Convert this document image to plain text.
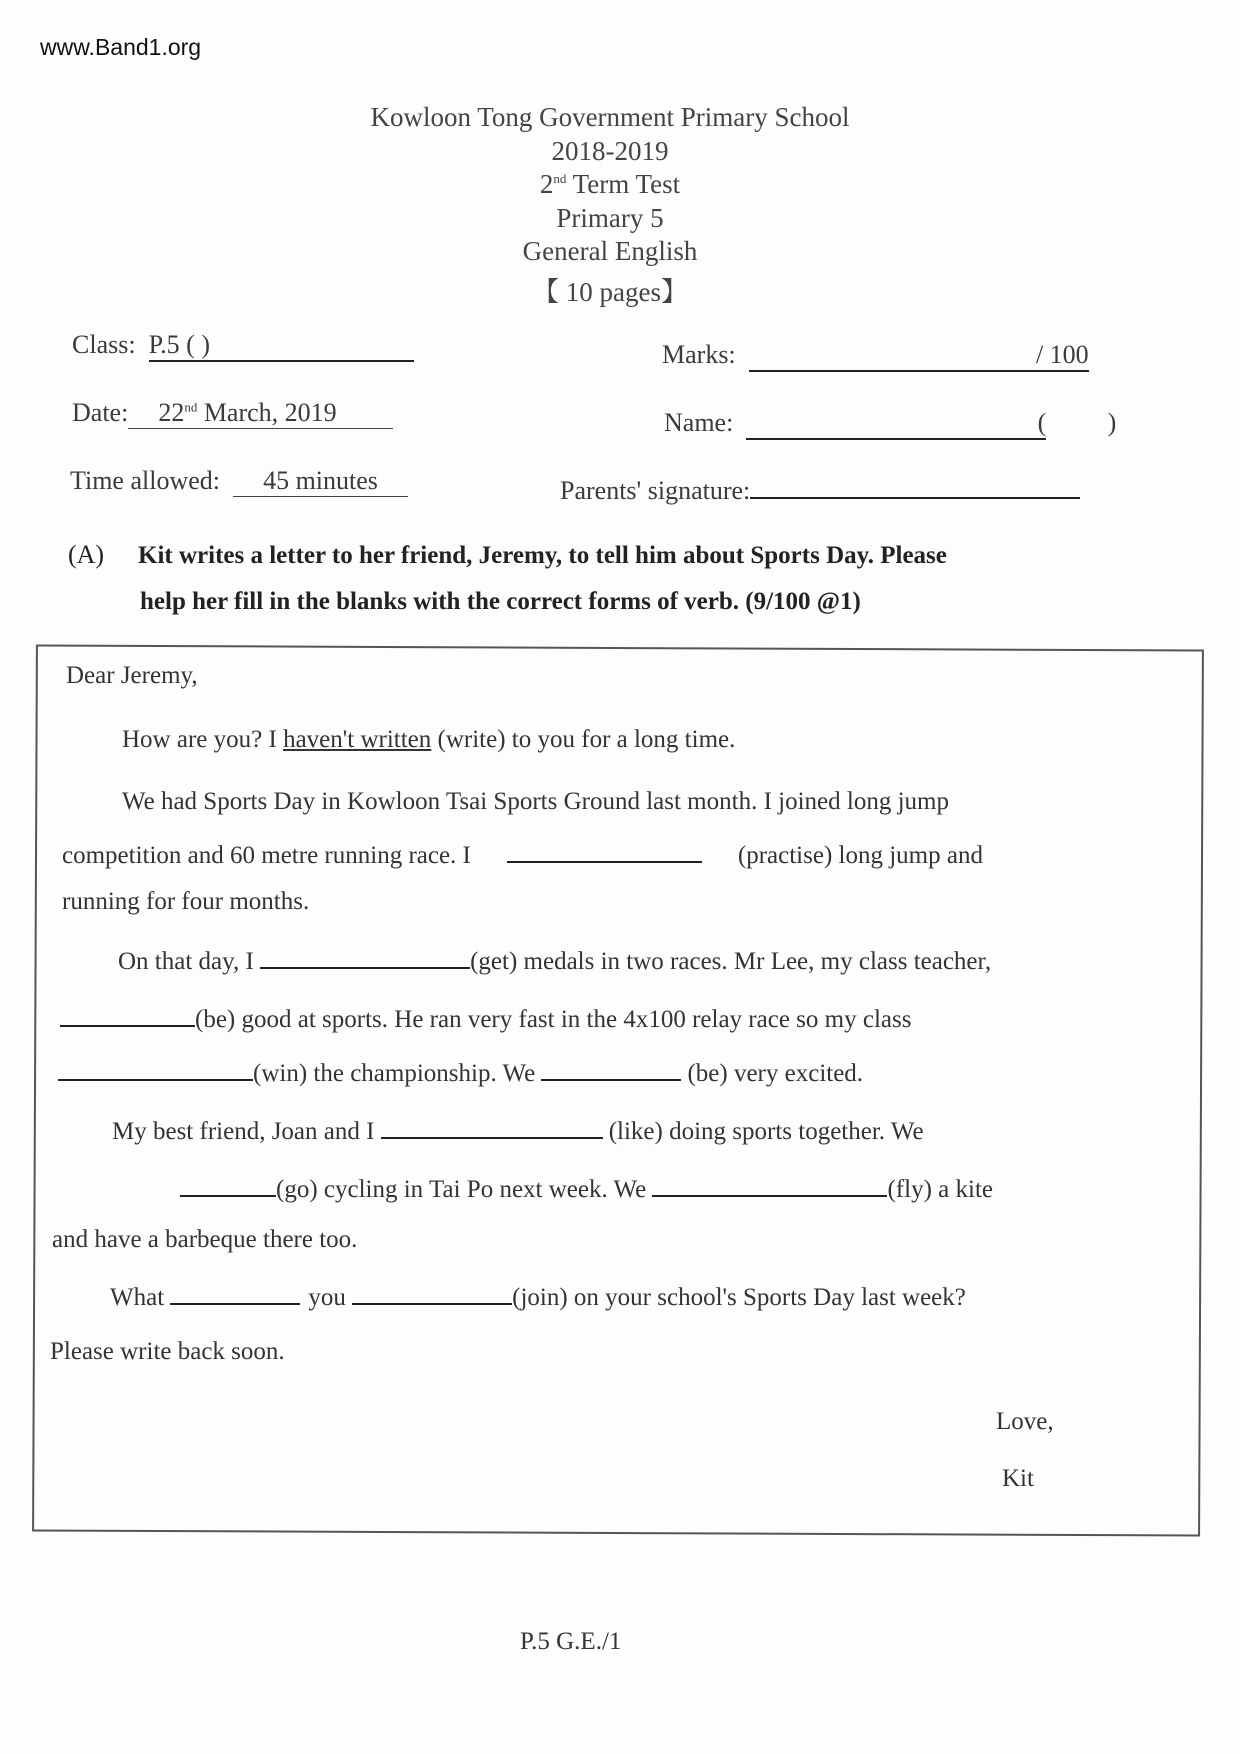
www.Band1.org
Kowloon Tong Government Primary School
2018-2019
2nd Term Test
Primary 5
General English
【 10 pages】
Class: P.5 ( )	Marks:	/ 100
Date: 22nd March, 2019	Name:	( )
Time allowed: 45 minutes	Parents' signature:
(A) Kit writes a letter to her friend, Jeremy, to tell him about Sports Day. Please
help her fill in the blanks with the correct forms of verb. (9/100 @1)
Dear Jeremy,
How are you? I haven't written (write) to you for a long time.
We had Sports Day in Kowloon Tsai Sports Ground last month. I joined long jump
competition and 60 metre running race. I	(practise) long jump and
running for four months.
On that day, I	(get) medals in two races. Mr Lee, my class teacher,
(be) good at sports. He ran very fast in the 4x100 relay race so my class
(win) the championship. We	(be) very excited.
My best friend, Joan and I	(like) doing sports together. We
(go) cycling in Tai Po next week. We	(fly) a kite
and have a barbeque there too.
What	you	(join) on your school's Sports Day last week?
Please write back soon.
Love,
Kit
P.5 G.E./1
